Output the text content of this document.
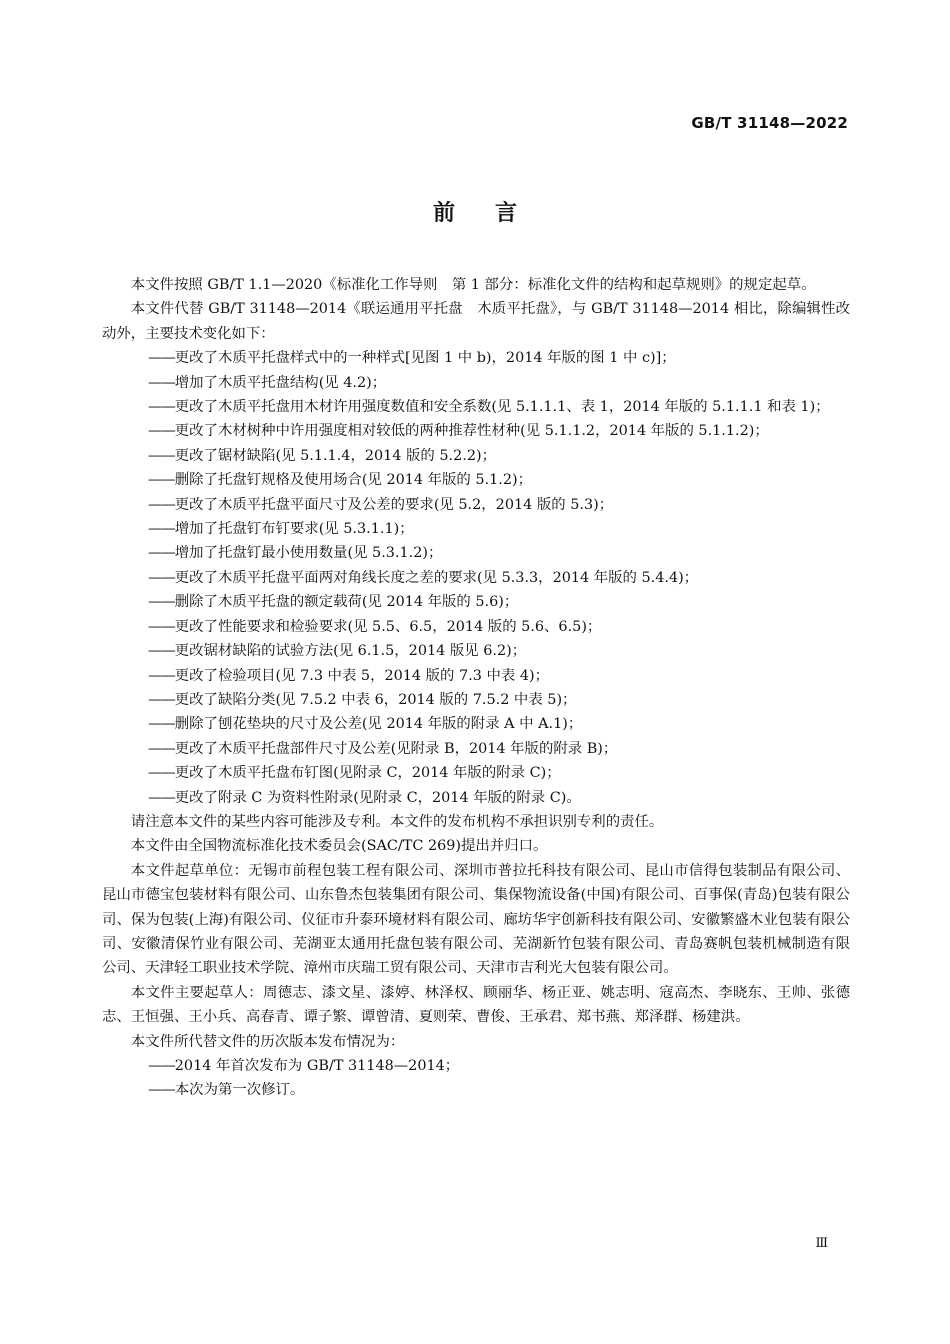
GB/T 31148—2022
前言

本文件按照 GB/T 1.1—2020《标准化工作导则　第 1 部分：标准化文件的结构和起草规则》的规定起草。

本文件代替 GB/T 31148—2014《联运通用平托盘　木质平托盘》，与 GB/T 31148—2014 相比，除编辑性改动外，主要技术变化如下：

——更改了木质平托盘样式中的一种样式[见图 1 中 b)，2014 年版的图 1 中 c)]；

——增加了木质平托盘结构(见 4.2)；

——更改了木质平托盘用木材许用强度数值和安全系数(见 5.1.1.1、表 1，2014 年版的 5.1.1.1 和表 1)；

——更改了木材树种中许用强度相对较低的两种推荐性材种(见 5.1.1.2，2014 年版的 5.1.1.2)；

——更改了锯材缺陷(见 5.1.1.4，2014 版的 5.2.2)；

——删除了托盘钉规格及使用场合(见 2014 年版的 5.1.2)；

——更改了木质平托盘平面尺寸及公差的要求(见 5.2，2014 版的 5.3)；

——增加了托盘钉布钉要求(见 5.3.1.1)；

——增加了托盘钉最小使用数量(见 5.3.1.2)；

——更改了木质平托盘平面两对角线长度之差的要求(见 5.3.3，2014 年版的 5.4.4)；

——删除了木质平托盘的额定载荷(见 2014 年版的 5.6)；

——更改了性能要求和检验要求(见 5.5、6.5，2014 版的 5.6、6.5)；

——更改锯材缺陷的试验方法(见 6.1.5，2014 版见 6.2)；

——更改了检验项目(见 7.3 中表 5，2014 版的 7.3 中表 4)；

——更改了缺陷分类(见 7.5.2 中表 6，2014 版的 7.5.2 中表 5)；

——删除了刨花垫块的尺寸及公差(见 2014 年版的附录 A 中 A.1)；

——更改了木质平托盘部件尺寸及公差(见附录 B，2014 年版的附录 B)；

——更改了木质平托盘布钉图(见附录 C，2014 年版的附录 C)；

——更改了附录 C 为资料性附录(见附录 C，2014 年版的附录 C)。

请注意本文件的某些内容可能涉及专利。本文件的发布机构不承担识别专利的责任。

本文件由全国物流标准化技术委员会(SAC/TC 269)提出并归口。

本文件起草单位：无锡市前程包装工程有限公司、深圳市普拉托科技有限公司、昆山市信得包装制品有限公司、昆山市德宝包装材料有限公司、山东鲁杰包装集团有限公司、集保物流设备(中国)有限公司、百事保(青岛)包装有限公司、保为包装(上海)有限公司、仪征市升泰环境材料有限公司、廊坊华宇创新科技有限公司、安徽繁盛木业包装有限公司、安徽清保竹业有限公司、芜湖亚太通用托盘包装有限公司、芜湖新竹包装有限公司、青岛赛帆包装机械制造有限公司、天津轻工职业技术学院、漳州市庆瑞工贸有限公司、天津市吉利光大包装有限公司。

本文件主要起草人：周德志、漆文星、漆婷、林泽权、顾丽华、杨正亚、姚志明、寇高杰、李晓东、王帅、张德志、王恒强、王小兵、高春青、谭子繁、谭曾清、夏则荣、曹俊、王承君、郑书燕、郑泽群、杨建洪。

本文件所代替文件的历次版本发布情况为：

——2014 年首次发布为 GB/T 31148—2014；

——本次为第一次修订。

Ⅲ
